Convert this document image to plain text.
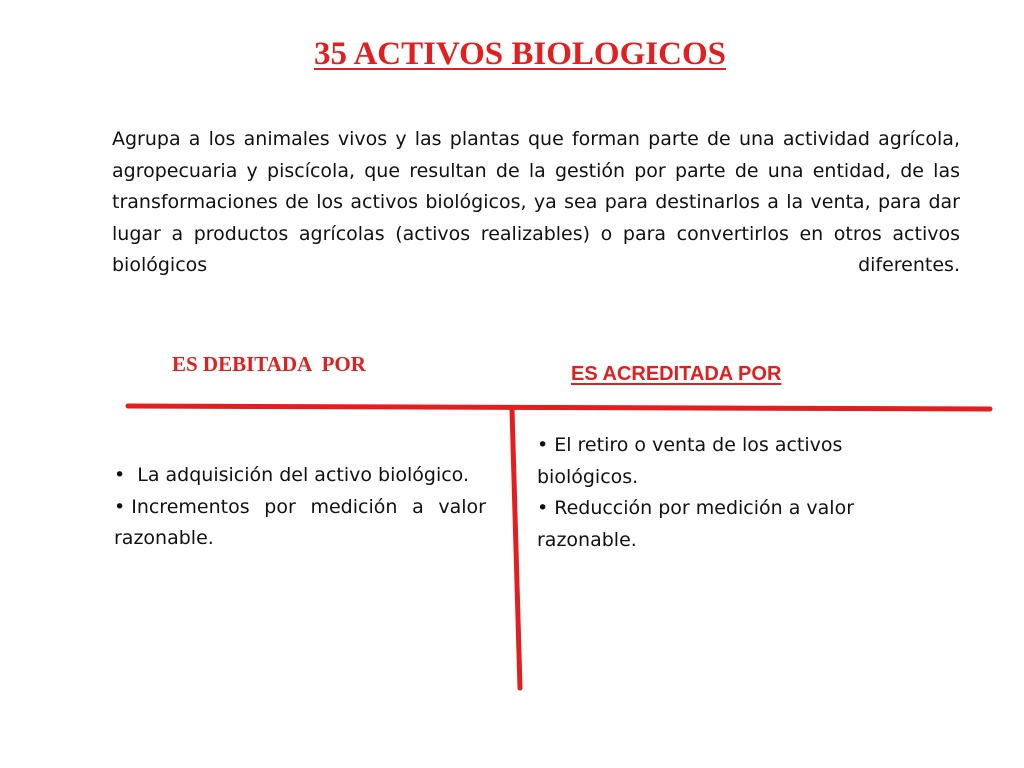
35 ACTIVOS BIOLOGICOS

Agrupa a los animales vivos y las plantas que forman parte de una actividad agrícola, agropecuaria y piscícola, que resultan de la gestión por parte de una entidad, de las transformaciones de los activos biológicos, ya sea para destinarlos a la venta, para dar lugar a productos agrícolas (activos realizables) o para convertirlos en otros activos biológicos diferentes.

ES DEBITADA  POR	ES ACREDITADA POR
• La adquisición del activo biológico.
• Incrementos por medición a valor razonable.
• El retiro o venta de los activos biológicos.
• Reducción por medición a valor razonable.
